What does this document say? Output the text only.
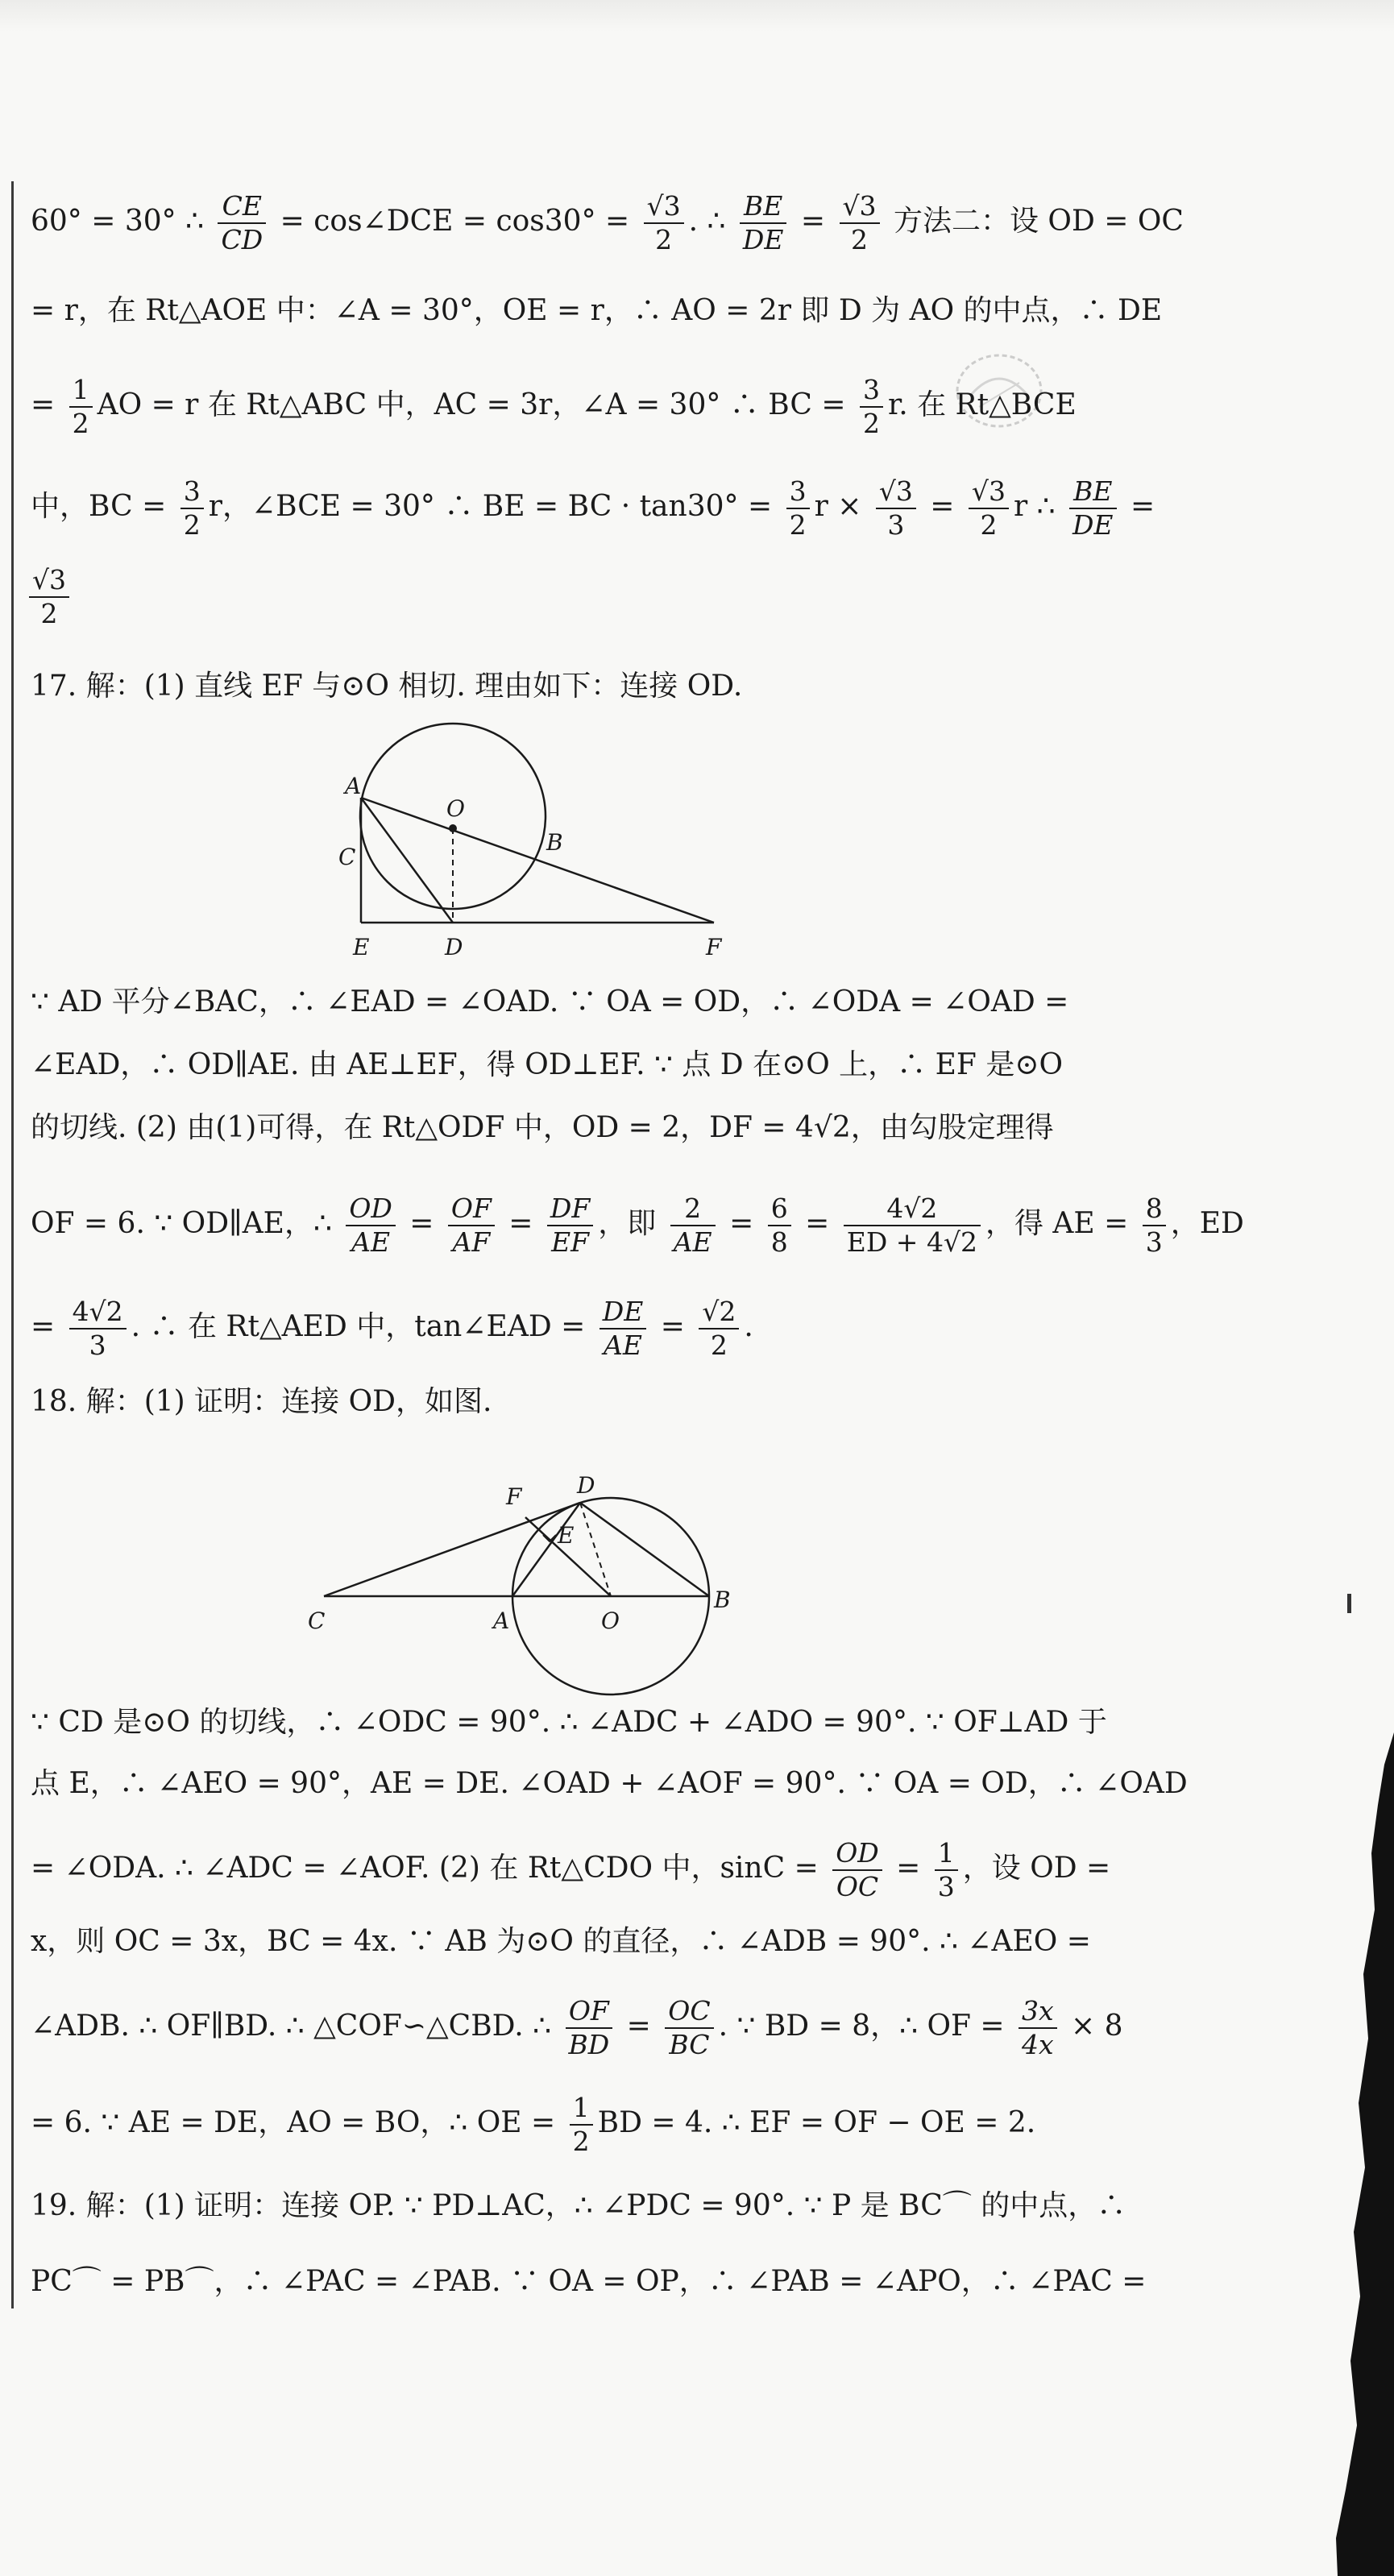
60° = 30° ∴ $\frac{CE}{CD}$ = cos∠DCE = $\cos 30^\circ = \frac{√3}{2}$ . ∴ $\frac{BE}{DE} = \frac{√3}{2}$ 方法二：设 OD = OC
= r，在 Rt△AOE 中：∠A = 30°，OE = r，∴ AO = 2r 即 D 为 AO 的中点，∴ DE
= $\frac{1}{2}$ AO = r 在 Rt△ABC 中，AC = 3r，∠A = 30° ∴ BC = $\frac{3}{2} r$. 在 Rt△BCE
中，BC = $\frac{3}{2}$ r，∠BCE = 30° ∴ BE = BC · $\tan 30^\circ = \frac{3}{2}$ $r \times \frac{√3}{3} = \frac{√3}{2}$ r ∴ $\frac{BE}{DE}$ =
$\frac{√3}{2}$
17. 解：(1) 直线 EF 与⊙O 相切. 理由如下：连接 OD.
A
O
B
C
E	D	F
∵ AD 平分∠BAC，∴ ∠EAD = ∠OAD. ∵ OA = OD，∴ ∠ODA = ∠OAD =
∠EAD，∴ OD∥AE. 由 AE⊥EF，得 OD⊥EF. ∵ 点 D 在⊙O 上，∴ EF 是⊙O
的切线. (2) 由(1)可得，在 Rt△ODF 中，OD = 2，DF = 4√2，由勾股定理得
OF = 6. ∵ OD∥AE，∴ $\frac{OD}{AE} = \frac{OF}{AF} = \frac{DF}{EF}$ ，即 $\frac{2}{AE} = \frac{6}{8} = \frac{4√2}{ED + 4√2}$ ，得 AE = $\frac{8}{3}$ ，ED
= $\frac{4√2}{3}$ . ∴ 在 Rt△AED 中，tan∠EAD = $\frac{DE}{AE} = \frac{√2}{2}$ .
18. 解：(1) 证明：连接 OD，如图.
F D
E
C	A	O
B
∵ CD 是⊙O 的切线，∴ ∠ODC = 90°. ∴ ∠ADC + ∠ADO = 90°. ∵ OF⊥AD 于
点 E，∴ ∠AEO = 90°，AE = DE. ∠OAD + ∠AOF = 90°. ∵ OA = OD，∴ ∠OAD
= ∠ODA. ∴ ∠ADC = ∠AOF. (2) 在 Rt△CDO 中，$\sin C = \frac{OD}{OC} = \frac{1}{3}$ ，设 OD =
x，则 OC = 3x，BC = 4x. ∵ AB 为⊙O 的直径，∴ ∠ADB = 90°. ∴ ∠AEO =
∠ADB. ∴ OF∥BD. ∴ △COF∽△CBD. ∴ $\frac{OF}{BD} = \frac{OC}{BC}$ . ∵ BD = 8，∴ OF = $\frac{3x}{4x} \times 8$
= 6. ∵ AE = DE，AO = BO，∴ OE = $\frac{1}{2}$ BD = 4. ∴ EF = OF − OE = 2.
19. 解：(1) 证明：连接 OP. ∵ PD⊥AC，∴ ∠PDC = 90°. ∵ P 是 BC⌒ 的中点，∴
PC⌒ = PB⌒，∴ ∠PAC = ∠PAB. ∵ OA = OP，∴ ∠PAB = ∠APO，∴ ∠PAC =
